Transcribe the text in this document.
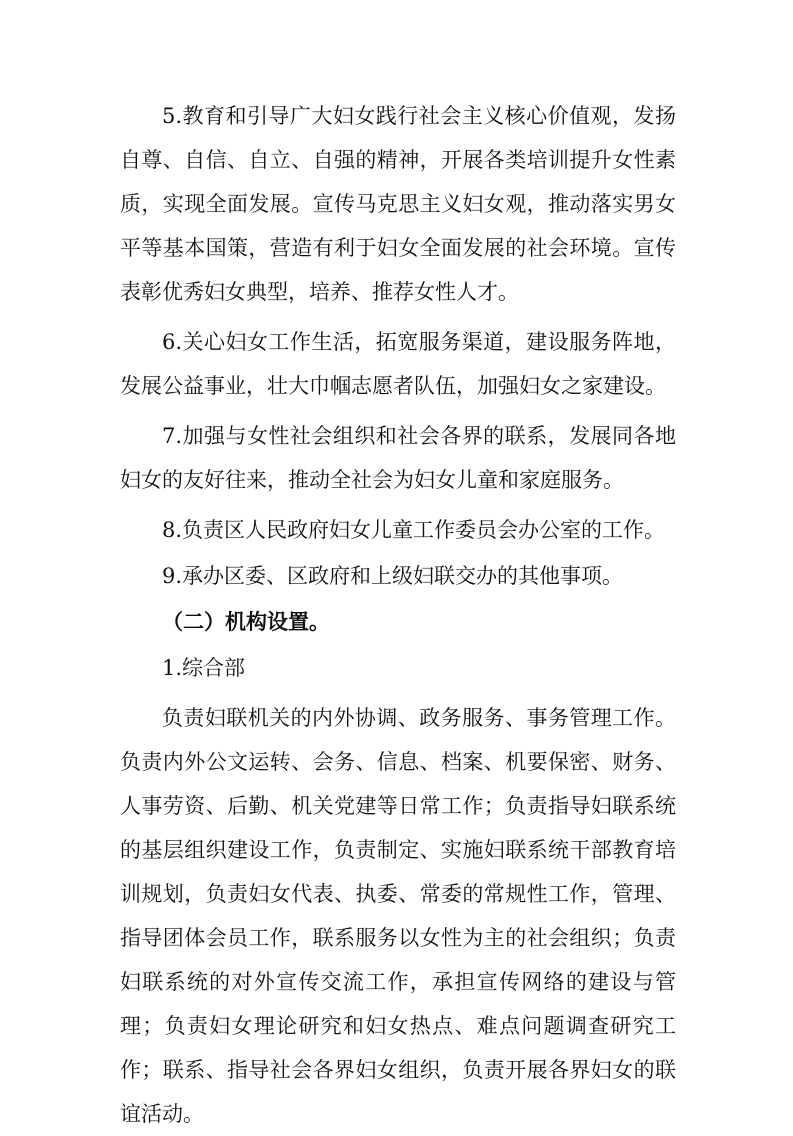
5.教育和引导广大妇女践行社会主义核心价值观，发扬自尊、自信、自立、自强的精神，开展各类培训提升女性素质，实现全面发展。宣传马克思主义妇女观，推动落实男女平等基本国策，营造有利于妇女全面发展的社会环境。宣传表彰优秀妇女典型，培养、推荐女性人才。

6.关心妇女工作生活，拓宽服务渠道，建设服务阵地，发展公益事业，壮大巾帼志愿者队伍，加强妇女之家建设。

7.加强与女性社会组织和社会各界的联系，发展同各地妇女的友好往来，推动全社会为妇女儿童和家庭服务。

8.负责区人民政府妇女儿童工作委员会办公室的工作。

9.承办区委、区政府和上级妇联交办的其他事项。

（二）机构设置。

1.综合部

负责妇联机关的内外协调、政务服务、事务管理工作。负责内外公文运转、会务、信息、档案、机要保密、财务、人事劳资、后勤、机关党建等日常工作；负责指导妇联系统的基层组织建设工作，负责制定、实施妇联系统干部教育培训规划，负责妇女代表、执委、常委的常规性工作，管理、指导团体会员工作，联系服务以女性为主的社会组织；负责妇联系统的对外宣传交流工作，承担宣传网络的建设与管理；负责妇女理论研究和妇女热点、难点问题调查研究工作；联系、指导社会各界妇女组织，负责开展各界妇女的联谊活动。
